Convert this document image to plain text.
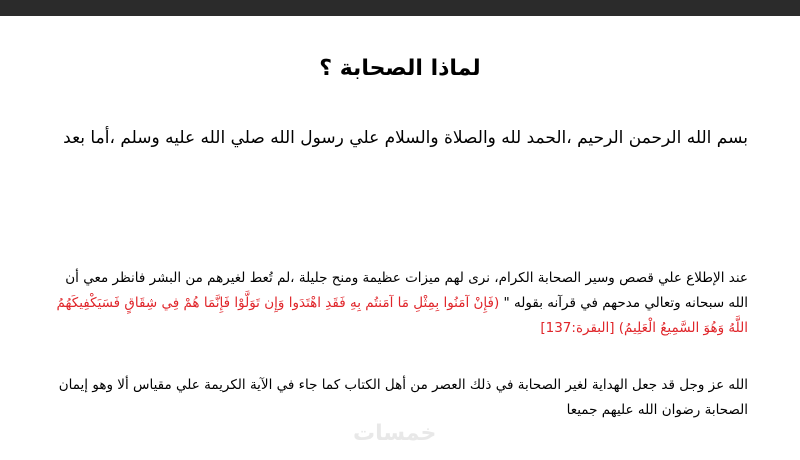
لماذا الصحابة ؟
بسم الله الرحمن الرحيم ،الحمد لله والصلاة والسلام علي رسول الله صلي الله عليه وسلم ،أما بعد
عند الإطلاع علي قصص وسير الصحابة الكرام، نرى لهم ميزات عظيمة ومنح جليلة ،لم تُعط لغيرهم من البشر فانظر معي أن الله سبحانه وتعالي مدحهم في قرآنه بقوله " (فَإِنْ آمَنُوا بِمِثْلِ مَا آمَنتُم بِهِ فَقَدِ اهْتَدَوا وَإِن تَوَلَّوْا فَإِنَّمَا هُمْ فِي شِقَاقٍ فَسَيَكْفِيكَهُمُ اللَّهُ وَهُوَ السَّمِيعُ الْعَلِيمُ) [البقرة:137]
الله عز وجل قد جعل الهداية لغير الصحابة في ذلك العصر من أهل الكتاب كما جاء في الآية الكريمة علي مقياس ألا وهو إيمان الصحابة رضوان الله عليهم جميعا
خمسات
